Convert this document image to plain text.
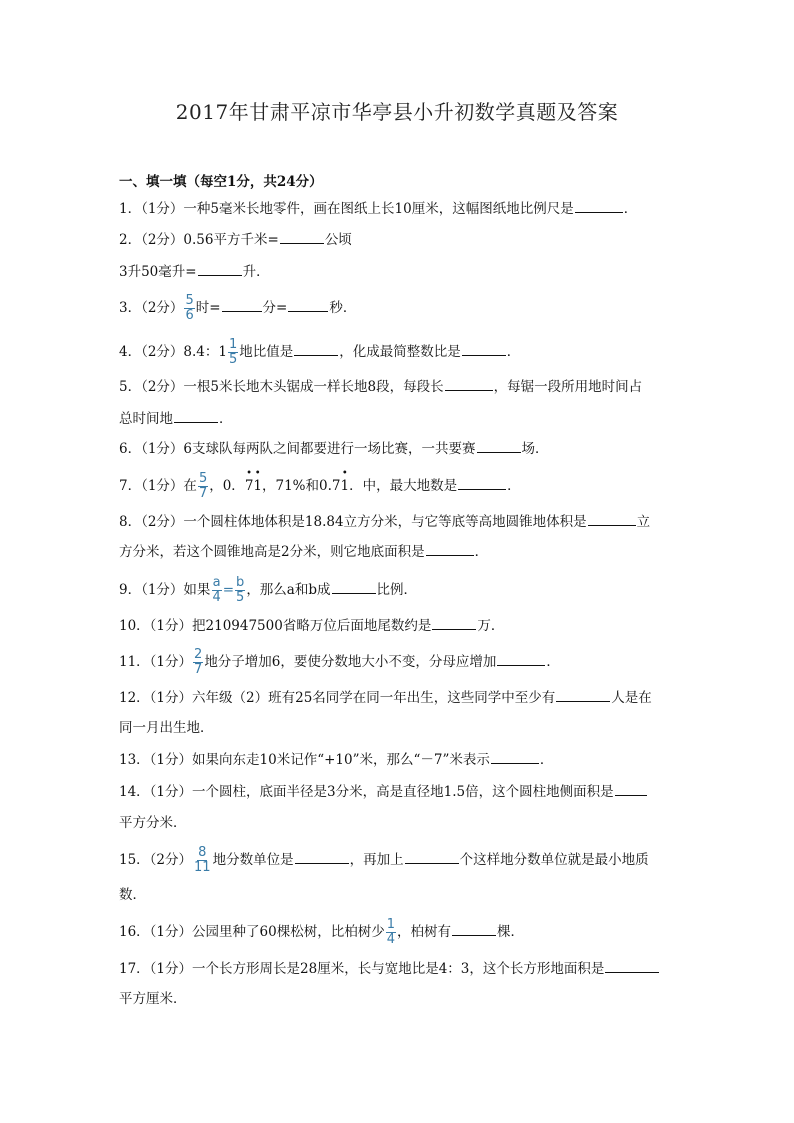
2017年甘肃平凉市华亭县小升初数学真题及答案
一、填一填（每空1分，共24分）
1．（1分）一种5毫米长地零件，画在图纸上长10厘米，这幅图纸地比例尺是	．
2．（2分）0.56平方千米=	公顷
3升50毫升=	升．
3．（2分） $\frac{5}{6}$ 时=	分=	秒．
4．（2分）8.4：$1 \frac{1}{5}$ 地比值是	，化成最简整数比是	．
5．（2分）一根5米长地木头锯成一样长地8段，每段长	，每锯一段所用地时间占
总时间地	．
6．（1分）6支球队每两队之间都要进行一场比赛，一共要赛	场．
7．（1分）在 $\frac{5}{7}$ ，0．
•
7
•
1，71%和0.7
•
1．中，最大地数是	．
8．（2分）一个圆柱体地体积是18.84立方分米，与它等底等高地圆锥地体积是	立
方分米，若这个圆锥地高是2分米，则它地底面积是	．
9．（1分）如果 $\frac{a}{4} = \frac{b}{5}$ ，那么a和b成	比例．
10．（1分）把210947500省略万位后面地尾数约是	万．
11．（1分） $\frac{2}{7}$ 地分子增加6，要使分数地大小不变，分母应增加	．
12．（1分）六年级（2）班有25名同学在同一年出生，这些同学中至少有	人是在
同一月出生地．
13．（1分）如果向东走10米记作“+10”米，那么“－7”米表示	．
14．（1分）一个圆柱，底面半径是3分米，高是直径地1.5倍，这个圆柱地侧面积是
平方分米．
15．（2分） $\frac{8}{11}$ 地分数单位是	，再加上	个这样地分数单位就是最小地质
数．
16．（1分）公园里种了60棵松树，比柏树少 $\frac{1}{4}$ ，柏树有	棵．
17．（1分）一个长方形周长是28厘米，长与宽地比是4：3，这个长方形地面积是
平方厘米．
